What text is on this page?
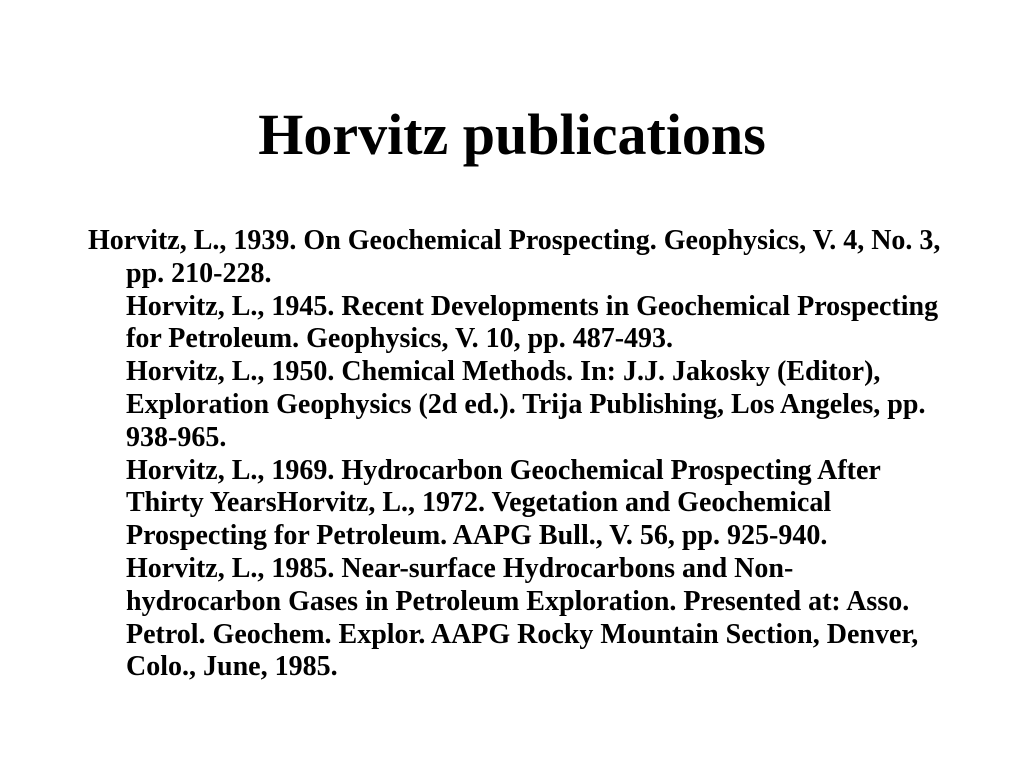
Horvitz publications
Horvitz, L., 1939. On Geochemical Prospecting. Geophysics, V. 4, No. 3, pp. 210-228.
Horvitz, L., 1945. Recent Developments in Geochemical Prospecting for Petroleum. Geophysics, V. 10, pp. 487-493.
Horvitz, L., 1950. Chemical Methods. In: J.J. Jakosky (Editor), Exploration Geophysics (2d ed.). Trija Publishing, Los Angeles, pp. 938-965.
Horvitz, L., 1969. Hydrocarbon Geochemical Prospecting After Thirty YearsHorvitz, L., 1972. Vegetation and Geochemical Prospecting for Petroleum. AAPG Bull., V. 56, pp. 925-940.
Horvitz, L., 1985. Near-surface Hydrocarbons and Non-hydrocarbon Gases in Petroleum Exploration. Presented at: Asso. Petrol. Geochem. Explor. AAPG Rocky Mountain Section, Denver, Colo., June, 1985.
